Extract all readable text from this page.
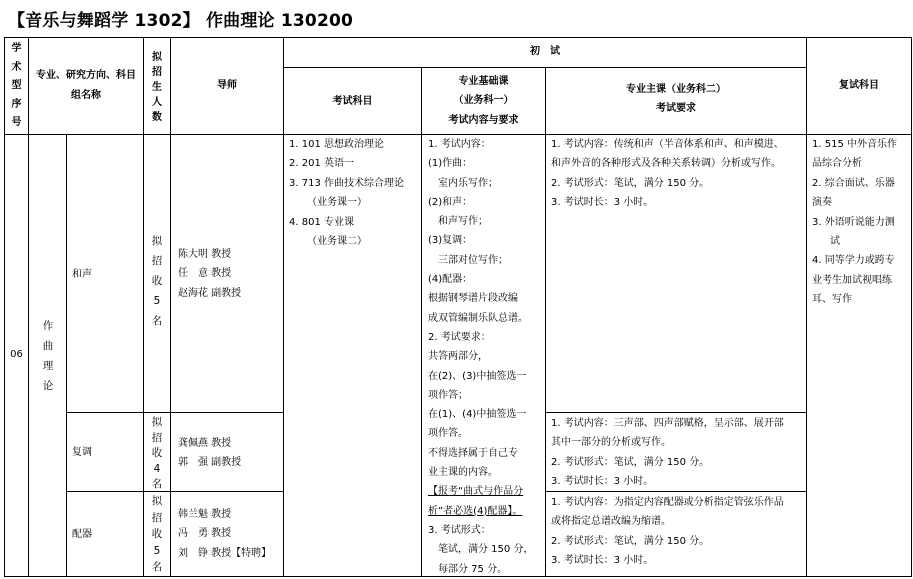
【音乐与舞蹈学 1302】 作曲理论 130200
学
术
型
序
号
专业、研究方向、科目组名称
拟
招
生
人
数
导师
初　试
考试科目
专业基础课
（业务科一）
考试内容与要求
专业主课（业务科二）
考试要求
复试科目
06
作
曲
理
论
和声
拟
招
收
5
名

陈大明 教授

任　意 教授

赵海花 副教授

复调
拟
招
收
4
名

龚佩燕 教授

郭　强 副教授

配器
拟
招
收
5
名

韩兰魁 教授

冯　勇 教授

刘　铮 教授【特聘】

1. 101 思想政治理论

2. 201 英语一

3. 713 作曲技术综合理论

（业务课一）

4. 801 专业课

（业务课二）

1. 考试内容：

(1)作曲：

室内乐写作；

(2)和声：

和声写作；

(3)复调：

三部对位写作；

(4)配器：

根据钢琴谱片段改编

成双管编制乐队总谱。

2. 考试要求：

共答两部分，

在(2)、(3)中抽签选一

项作答；

在(1)、(4)中抽签选一

项作答。

不得选择属于自己专

业主课的内容。

【报考“曲式与作品分

析”者必选(4)配器】。

3. 考试形式：

笔试，满分 150 分，

每部分 75 分。

1. 考试内容：传统和声（半音体系和声、和声模进、

和声外音的各种形式及各种关系转调）分析或写作。

2. 考试形式：笔试，满分 150 分。

3. 考试时长：3 小时。

1. 考试内容：三声部、四声部赋格，呈示部、展开部

其中一部分的分析或写作。

2. 考试形式：笔试，满分 150 分。

3. 考试时长：3 小时。

1. 考试内容：为指定内容配器或分析指定管弦乐作品

或将指定总谱改编为缩谱。

2. 考试形式：笔试，满分 150 分。

3. 考试时长：3 小时。

1. 515 中外音乐作

品综合分析

2. 综合面试、乐器

演奏

3. 外语听说能力测

试

4. 同等学力或跨专

业考生加试视唱练

耳、写作
